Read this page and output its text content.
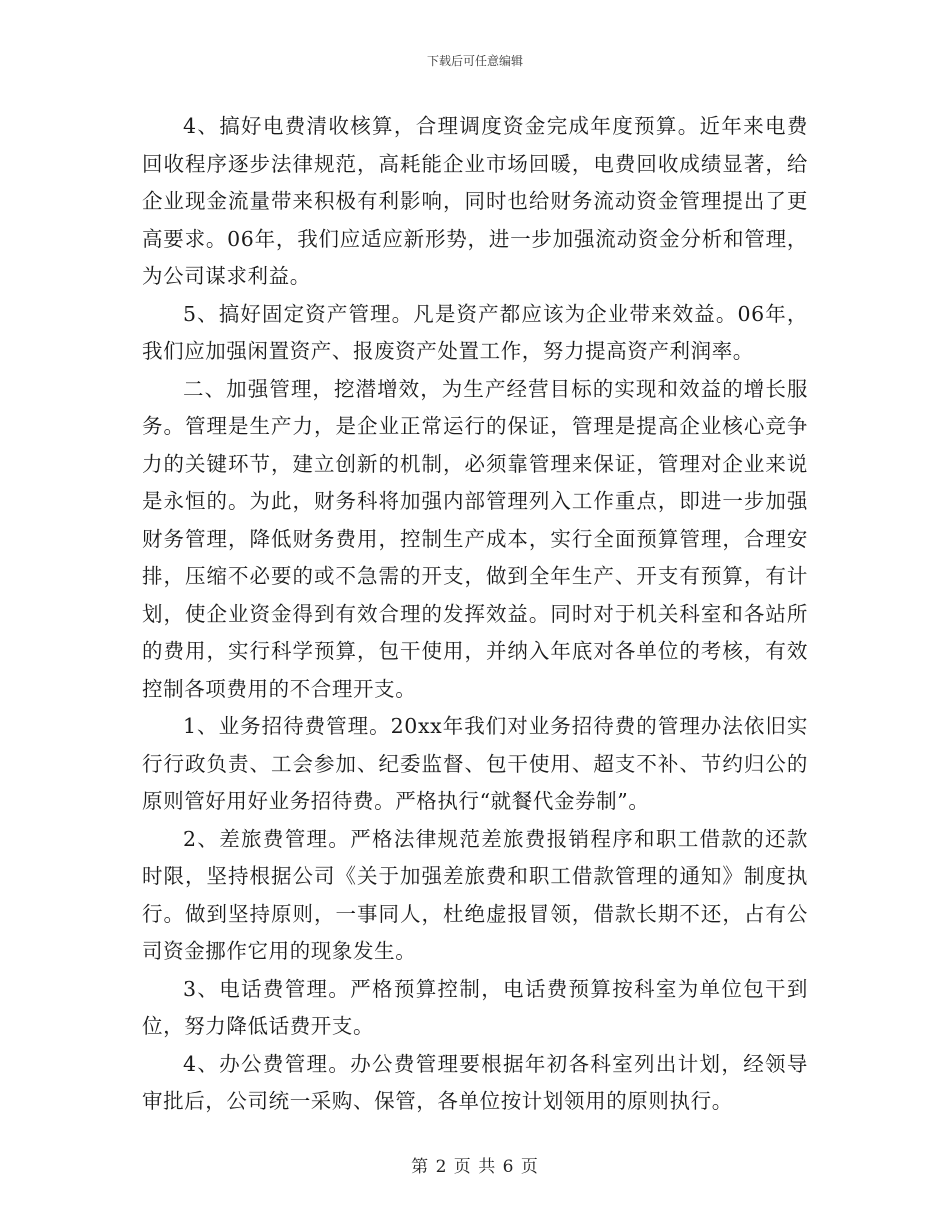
下载后可任意编辑

4、搞好电费清收核算，合理调度资金完成年度预算。近年来电费回收程序逐步法律规范，高耗能企业市场回暖，电费回收成绩显著，给企业现金流量带来积极有利影响，同时也给财务流动资金管理提出了更高要求。06年，我们应适应新形势，进一步加强流动资金分析和管理，为公司谋求利益。

5、搞好固定资产管理。凡是资产都应该为企业带来效益。06年，我们应加强闲置资产、报废资产处置工作，努力提高资产利润率。

二、加强管理，挖潜增效，为生产经营目标的实现和效益的增长服务。管理是生产力，是企业正常运行的保证，管理是提高企业核心竞争力的关键环节，建立创新的机制，必须靠管理来保证，管理对企业来说是永恒的。为此，财务科将加强内部管理列入工作重点，即进一步加强财务管理，降低财务费用，控制生产成本，实行全面预算管理，合理安排，压缩不必要的或不急需的开支，做到全年生产、开支有预算，有计划，使企业资金得到有效合理的发挥效益。同时对于机关科室和各站所的费用，实行科学预算，包干使用，并纳入年底对各单位的考核，有效控制各项费用的不合理开支。

1、业务招待费管理。20xx年我们对业务招待费的管理办法依旧实行行政负责、工会参加、纪委监督、包干使用、超支不补、节约归公的原则管好用好业务招待费。严格执行“就餐代金券制”。

2、差旅费管理。严格法律规范差旅费报销程序和职工借款的还款时限，坚持根据公司《关于加强差旅费和职工借款管理的通知》制度执行。做到坚持原则，一事同人，杜绝虚报冒领，借款长期不还，占有公司资金挪作它用的现象发生。

3、电话费管理。严格预算控制，电话费预算按科室为单位包干到位，努力降低话费开支。

4、办公费管理。办公费管理要根据年初各科室列出计划，经领导审批后，公司统一采购、保管，各单位按计划领用的原则执行。

第 2 页 共 6 页
